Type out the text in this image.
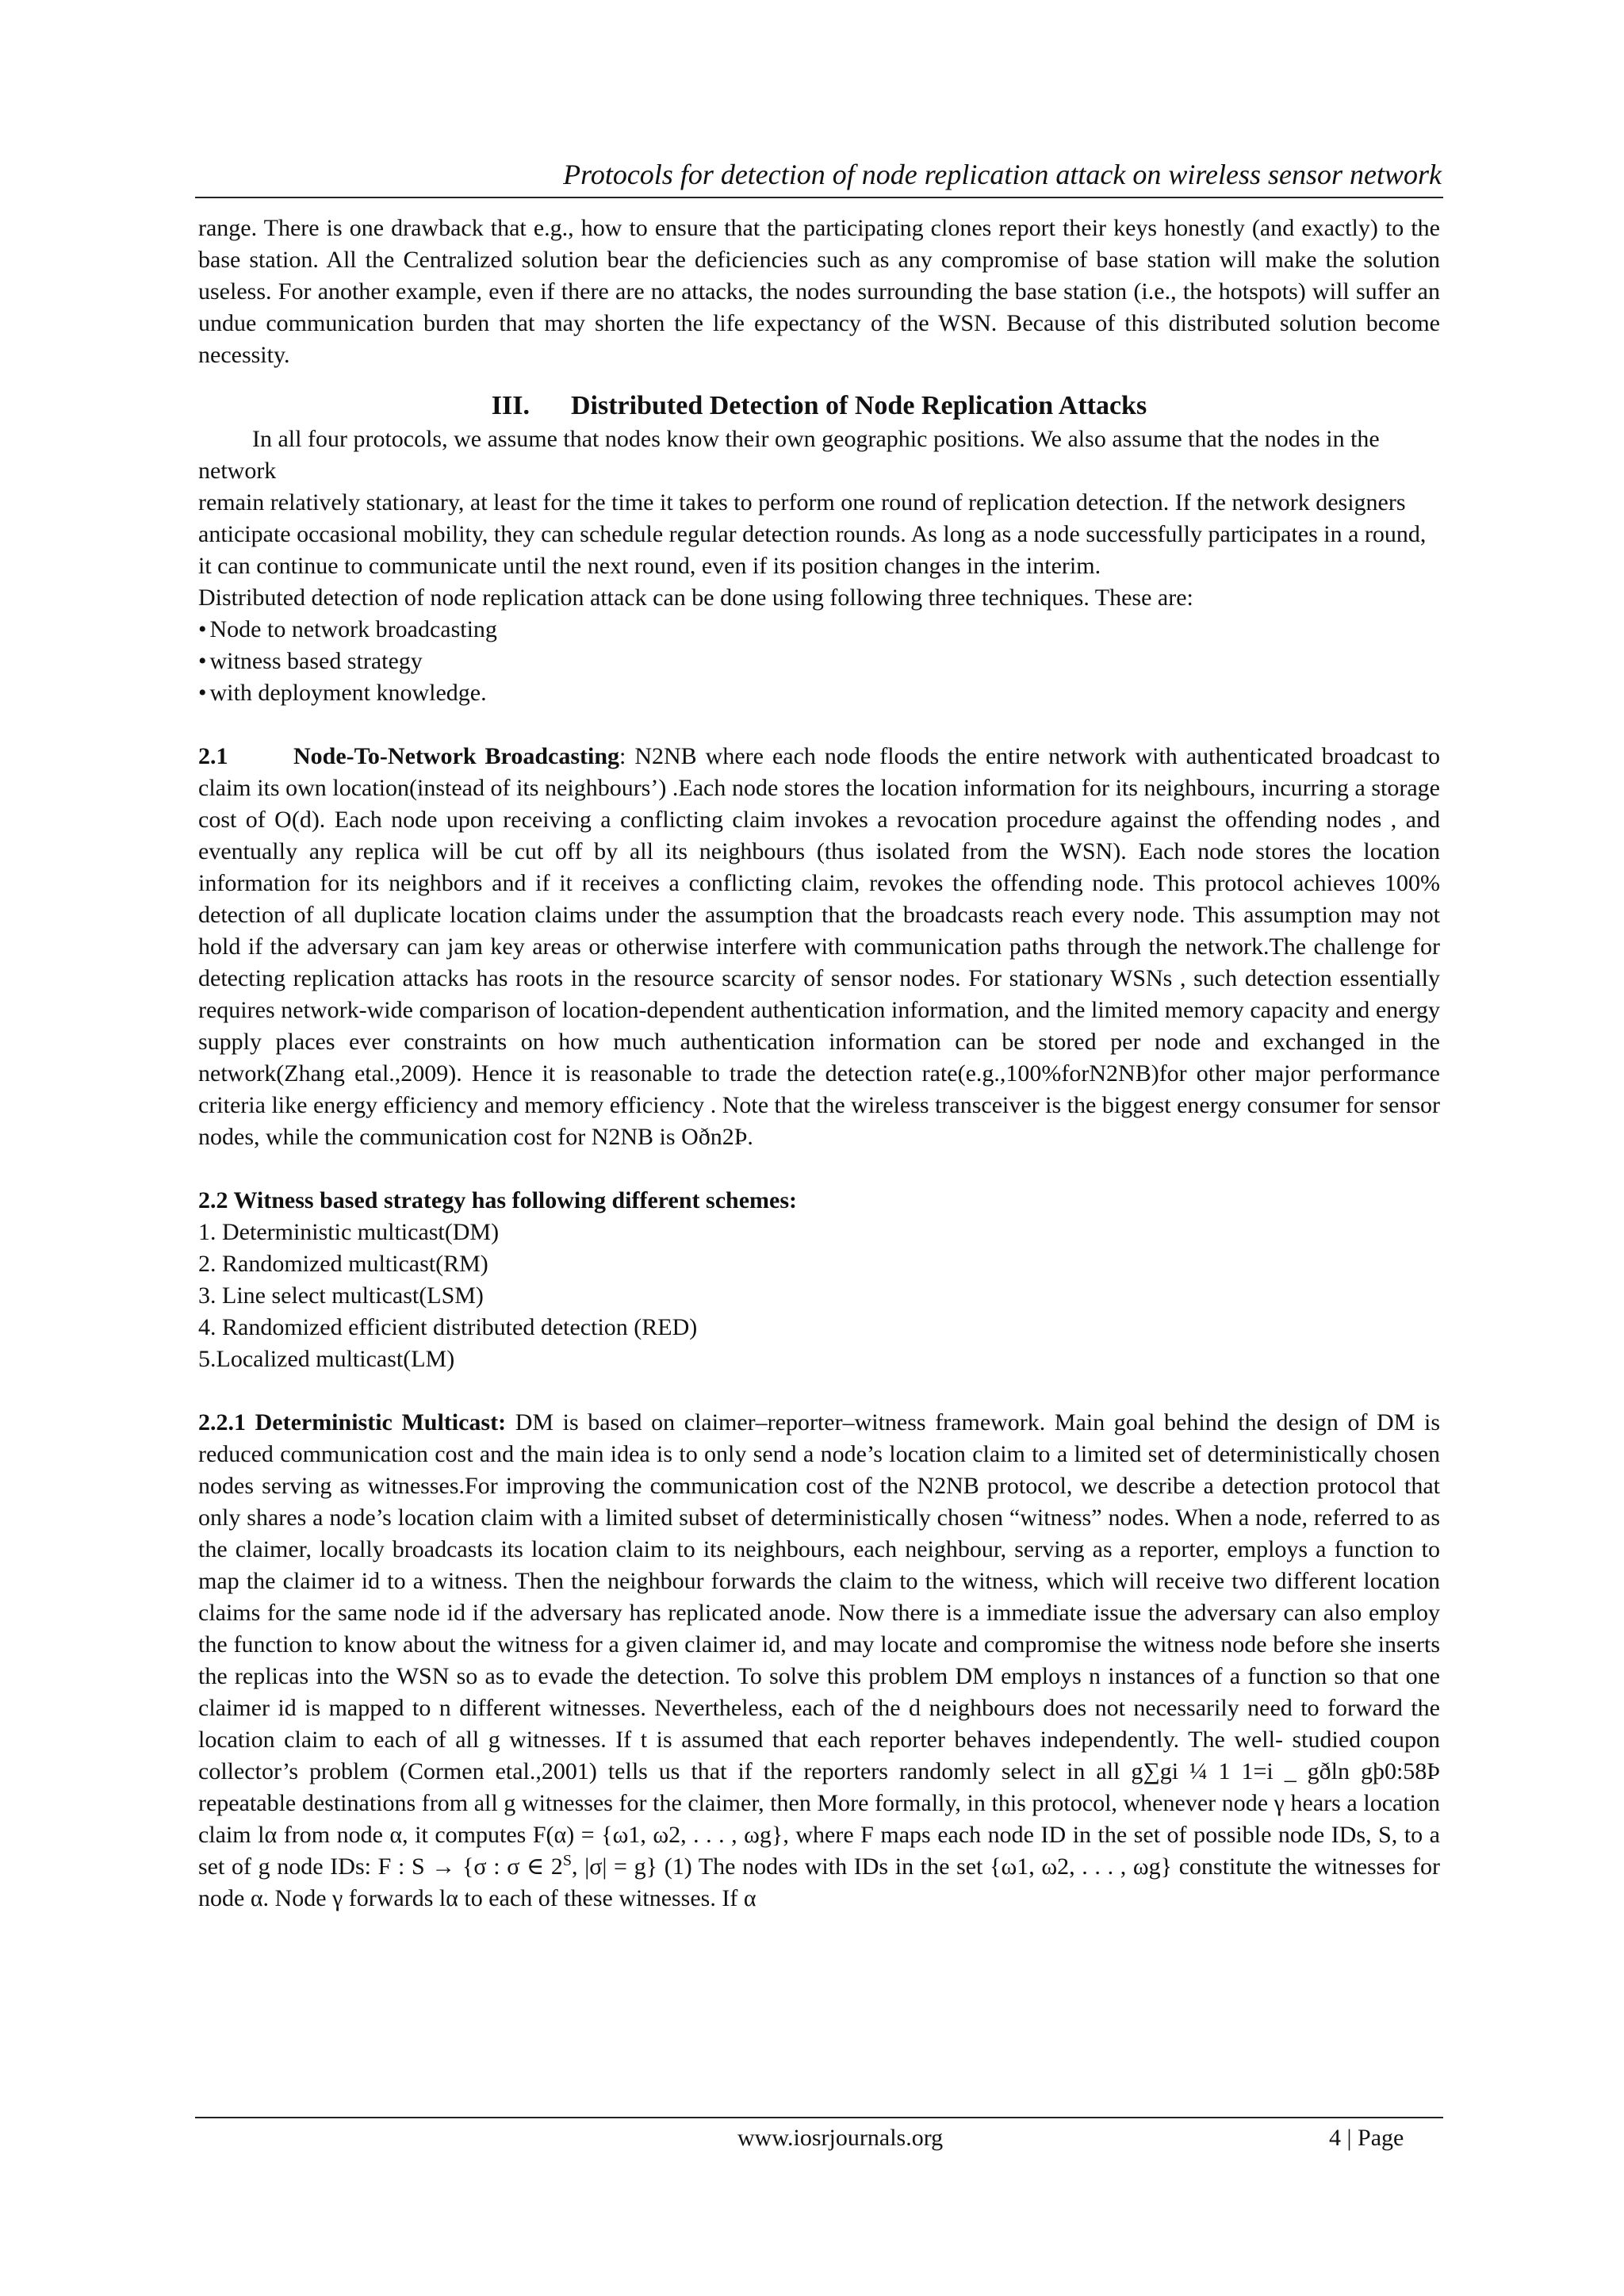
Protocols for detection of node replication attack on wireless sensor network

range. There is one drawback that e.g., how to ensure that the participating clones report their keys honestly (and exactly) to the base station. All the Centralized solution bear the deficiencies such as any compromise of base station will make the solution useless. For another example, even if there are no attacks, the nodes surrounding the base station (i.e., the hotspots) will suffer an undue communication burden that may shorten the life expectancy of the WSN. Because of this distributed solution become necessity.

III. Distributed Detection of Node Replication Attacks

In all four protocols, we assume that nodes know their own geographic positions. We also assume that the nodes in the network

remain relatively stationary, at least for the time it takes to perform one round of replication detection. If the network designers anticipate occasional mobility, they can schedule regular detection rounds. As long as a node successfully participates in a round,

it can continue to communicate until the next round, even if its position changes in the interim.

Distributed detection of node replication attack can be done using following three techniques. These are:

• Node to network broadcasting
• witness based strategy
• with deployment knowledge.

2.1	Node-To-Network Broadcasting: N2NB where each node floods the entire network with authenticated broadcast to claim its own location(instead of its neighbours’) .Each node stores the location information for its neighbours, incurring a storage cost of O(d). Each node upon receiving a conflicting claim invokes a revocation procedure against the offending nodes , and eventually any replica will be cut off by all its neighbours (thus isolated from the WSN). Each node stores the location information for its neighbors and if it receives a conflicting claim, revokes the offending node. This protocol achieves 100% detection of all duplicate location claims under the assumption that the broadcasts reach every node. This assumption may not hold if the adversary can jam key areas or otherwise interfere with communication paths through the network.The challenge for detecting replication attacks has roots in the resource scarcity of sensor nodes. For stationary WSNs , such detection essentially requires network-wide comparison of location-dependent authentication information, and the limited memory capacity and energy supply places ever constraints on how much authentication information can be stored per node and exchanged in the network(Zhang etal.,2009). Hence it is reasonable to trade the detection rate(e.g.,100%forN2NB)for other major performance criteria like energy efficiency and memory efficiency . Note that the wireless transceiver is the biggest energy consumer for sensor nodes, while the communication cost for N2NB is Oðn2Þ.

2.2 Witness based strategy has following different schemes:

1. Deterministic multicast(DM)
2. Randomized multicast(RM)
3. Line select multicast(LSM)
4. Randomized efficient distributed detection (RED)
5.Localized multicast(LM)

2.2.1 Deterministic Multicast: DM is based on claimer–reporter–witness framework. Main goal behind the design of DM is reduced communication cost and the main idea is to only send a node’s location claim to a limited set of deterministically chosen nodes serving as witnesses.For improving the communication cost of the N2NB protocol, we describe a detection protocol that only shares a node’s location claim with a limited subset of deterministically chosen “witness” nodes. When a node, referred to as the claimer, locally broadcasts its location claim to its neighbours, each neighbour, serving as a reporter, employs a function to map the claimer id to a witness. Then the neighbour forwards the claim to the witness, which will receive two different location claims for the same node id if the adversary has replicated anode. Now there is a immediate issue the adversary can also employ the function to know about the witness for a given claimer id, and may locate and compromise the witness node before she inserts the replicas into the WSN so as to evade the detection. To solve this problem DM employs n instances of a function so that one claimer id is mapped to n different witnesses. Nevertheless, each of the d neighbours does not necessarily need to forward the location claim to each of all g witnesses. If t is assumed that each reporter behaves independently. The well- studied coupon collector’s problem (Cormen etal.,2001) tells us that if the reporters randomly select in all g∑gi ¼ 1 1=i _ gðln gþ0:58Þ repeatable destinations from all g witnesses for the claimer, then More formally, in this protocol, whenever node γ hears a location claim lα from node α, it computes F(α) = {ω1, ω2, . . . , ωg}, where F maps each node ID in the set of possible node IDs, S, to a set of g node IDs: F : S → {σ : σ ∈ $2^S$, |σ| = g} (1) The nodes with IDs in the set {ω1, ω2, . . . , ωg} constitute the witnesses for node α. Node γ forwards lα to each of these witnesses. If α

www.iosrjournals.org	4 | Page
